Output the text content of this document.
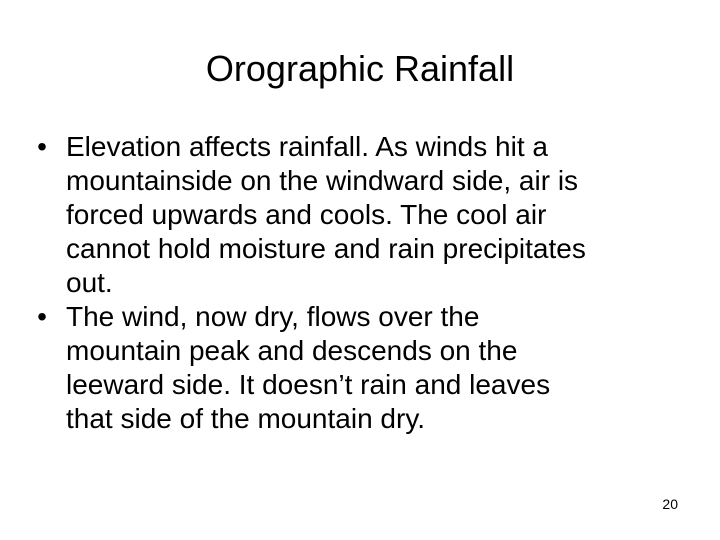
Orographic Rainfall
• Elevation affects rainfall. As winds hit a
mountainside on the windward side, air is
forced upwards and cools. The cool air
cannot hold moisture and rain precipitates
out.
• The wind, now dry, flows over the
mountain peak and descends on the
leeward side. It doesn’t rain and leaves
that side of the mountain dry.
20
